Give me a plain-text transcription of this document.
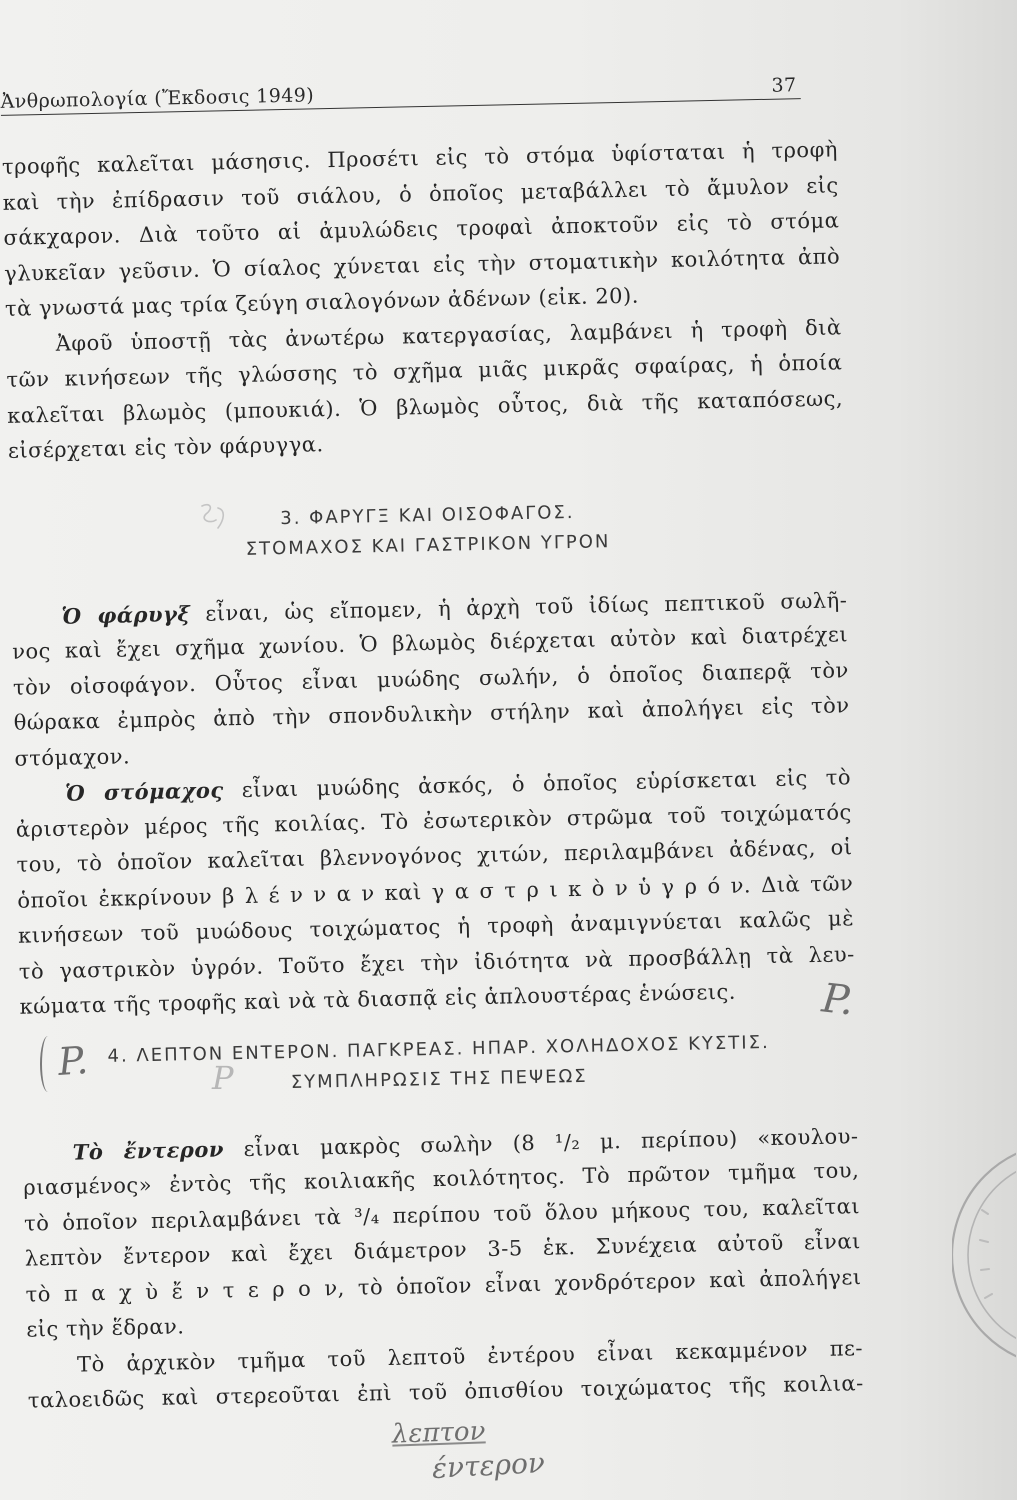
Ἀνθρωπολογία (Ἔκδοσις 1949)	37
τροφῆς καλεῖται μάσησις. Προσέτι εἰς τὸ στόμα ὑφίσταται ἡ τροφὴ
καὶ τὴν ἐπίδρασιν τοῦ σιάλου, ὁ ὁποῖος μεταβάλλει τὸ ἄμυλον εἰς
σάκχαρον. Διὰ τοῦτο αἱ ἀμυλώδεις τροφαὶ ἀποκτοῦν εἰς τὸ στόμα
γλυκεῖαν γεῦσιν. Ὁ σίαλος χύνεται εἰς τὴν στοματικὴν κοιλότητα ἀπὸ
τὰ γνωστά μας τρία ζεύγη σιαλογόνων ἀδένων (εἰκ. 20).
Ἀφοῦ ὑποστῇ τὰς ἀνωτέρω κατεργασίας, λαμβάνει ἡ τροφὴ διὰ
τῶν κινήσεων τῆς γλώσσης τὸ σχῆμα μιᾶς μικρᾶς σφαίρας, ἡ ὁποία
καλεῖται βλωμὸς (μπουκιά). Ὁ βλωμὸς οὗτος, διὰ τῆς καταπόσεως,
εἰσέρχεται εἰς τὸν φάρυγγα.
3. ΦΑΡΥΓΞ ΚΑΙ ΟΙΣΟΦΑΓΟΣ.
ΣΤΟΜΑΧΟΣ ΚΑΙ ΓΑΣΤΡΙΚΟΝ ΥΓΡΟΝ
Ὁ φάρυγξ εἶναι, ὡς εἴπομεν, ἡ ἀρχὴ τοῦ ἰδίως πεπτικοῦ σωλῆ-
νος καὶ ἔχει σχῆμα χωνίου. Ὁ βλωμὸς διέρχεται αὐτὸν καὶ διατρέχει
τὸν οἰσοφάγον. Οὗτος εἶναι μυώδης σωλήν, ὁ ὁποῖος διαπερᾷ τὸν
θώρακα ἐμπρὸς ἀπὸ τὴν σπονδυλικὴν στήλην καὶ ἀπολήγει εἰς τὸν
στόμαχον.
Ὁ στόμαχος εἶναι μυώδης ἀσκός, ὁ ὁποῖος εὑρίσκεται εἰς τὸ
ἀριστερὸν μέρος τῆς κοιλίας. Τὸ ἐσωτερικὸν στρῶμα τοῦ τοιχώματός
του, τὸ ὁποῖον καλεῖται βλεννογόνος χιτών, περιλαμβάνει ἀδένας, οἱ
ὁποῖοι ἐκκρίνουν β λ έ ν ν α ν καὶ γ α σ τ ρ ι κ ὸ ν ὑ γ ρ ό ν. Διὰ τῶν
κινήσεων τοῦ μυώδους τοιχώματος ἡ τροφὴ ἀναμιγνύεται καλῶς μὲ
τὸ γαστρικὸν ὑγρόν. Τοῦτο ἔχει τὴν ἰδιότητα νὰ προσβάλλῃ τὰ λευ-
κώματα τῆς τροφῆς καὶ νὰ τὰ διασπᾷ εἰς ἁπλουστέρας ἑνώσεις.
4. ΛΕΠΤΟΝ ΕΝΤΕΡΟΝ. ΠΑΓΚΡΕΑΣ. ΗΠΑΡ. ΧΟΛΗΔΟΧΟΣ ΚΥΣΤΙΣ.
ΣΥΜΠΛΗΡΩΣΙΣ ΤΗΣ ΠΕΨΕΩΣ
Τὸ ἔντερον εἶναι μακρὸς σωλὴν (8 ¹/₂ μ. περίπου) «κουλου-
ριασμένος» ἐντὸς τῆς κοιλιακῆς κοιλότητος. Τὸ πρῶτον τμῆμα του,
τὸ ὁποῖον περιλαμβάνει τὰ ³/₄ περίπου τοῦ ὅλου μήκους του, καλεῖται
λεπτὸν ἔντερον καὶ ἔχει διάμετρον 3-5 ἑκ. Συνέχεια αὐτοῦ εἶναι
τὸ π α χ ὺ ἔ ν τ ε ρ ο ν, τὸ ὁποῖον εἶναι χονδρότερον καὶ ἀπολήγει
εἰς τὴν ἕδραν.
Τὸ ἀρχικὸν τμῆμα τοῦ λεπτοῦ ἐντέρου εἶναι κεκαμμένον πε-
ταλοειδῶς καὶ στερεοῦται ἐπὶ τοῦ ὀπισθίου τοιχώματος τῆς κοιλια-
P.
P.	P
λεπτον
έντερον
